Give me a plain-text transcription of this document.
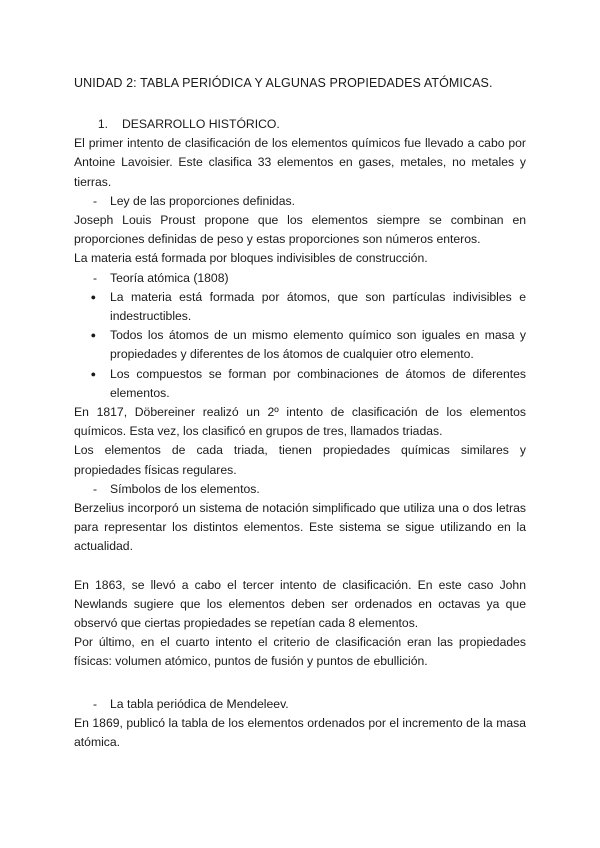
UNIDAD 2: TABLA PERIÓDICA Y ALGUNAS PROPIEDADES ATÓMICAS.
1.	DESARROLLO HISTÓRICO.

El primer intento de clasificación de los elementos químicos fue llevado a cabo por Antoine Lavoisier. Este clasifica 33 elementos en gases, metales, no metales y tierras.

-	Ley de las proporciones definidas.

Joseph Louis Proust propone que los elementos siempre se combinan en proporciones definidas de peso y estas proporciones son números enteros.

La materia está formada por bloques indivisibles de construcción.

-	Teoría atómica (1808)
●	La materia está formada por átomos, que son partículas indivisibles e indestructibles.
●	Todos los átomos de un mismo elemento químico son iguales en masa y propiedades y diferentes de los átomos de cualquier otro elemento.
●	Los compuestos se forman por combinaciones de átomos de diferentes elementos.

En 1817, Döbereiner realizó un 2º intento de clasificación de los elementos químicos. Esta vez, los clasificó en grupos de tres, llamados triadas.

Los elementos de cada triada, tienen propiedades químicas similares y propiedades físicas regulares.

-	Símbolos de los elementos.

Berzelius incorporó un sistema de notación simplificado que utiliza una o dos letras para representar los distintos elementos. Este sistema se sigue utilizando en la actualidad.

En 1863, se llevó a cabo el tercer intento de clasificación. En este caso John Newlands sugiere que los elementos deben ser ordenados en octavas ya que observó que ciertas propiedades se repetían cada 8 elementos.

Por último, en el cuarto intento el criterio de clasificación eran las propiedades físicas: volumen atómico, puntos de fusión y puntos de ebullición.

-	La tabla periódica de Mendeleev.

En 1869, publicó la tabla de los elementos ordenados por el incremento de la masa atómica.
